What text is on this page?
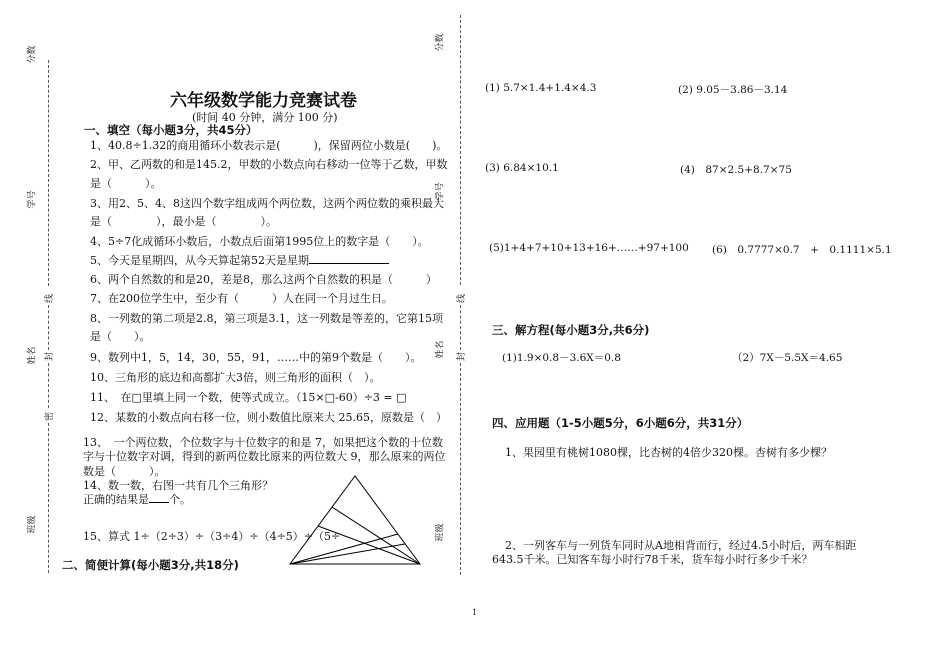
分数
学号
姓名
班级
线
封
密
分数
学号
姓名
班级
线
封
六年级数学能力竞赛试卷
(时间 40 分钟，满分 100 分)
一、填空（每小题3分，共45分）
1、40.8÷1.32的商用循环小数表示是(　　　)，保留两位小数是(　　)。
2、甲、乙两数的和是145.2，甲数的小数点向右移动一位等于乙数，甲数
是（　　　）。
3、用2、5、4、8这四个数字组成两个两位数，这两个两位数的乘积最大
是（　　　　），最小是（　　　　）。
4、5÷7化成循环小数后，小数点后面第1995位上的数字是（　　）。
5、今天是星期四，从今天算起第52天是星期
6、两个自然数的和是20，差是8，那么这两个自然数的积是（　　　）
7、在200位学生中，至少有（　　　）人在同一个月过生日。
8、一列数的第二项是2.8，第三项是3.1，这一列数是等差的，它第15项
是（　　）。
9、数列中1，5，14，30，55，91，……中的第9个数是（　　）。
10、三角形的底边和高都扩大3倍，则三角形的面积（　）。
11、　在□里填上同一个数，使等式成立。（15×□-60）÷3 = □
12、某数的小数点向右移一位，则小数值比原来大 25.65，原数是（　）
13、　一个两位数，个位数字与十位数字的和是 7，如果把这个数的十位数
字与十位数字对调，得到的新两位数比原来的两位数大 9，那么原来的两位
数是（　　　）。
14、数一数，右图一共有几个三角形？
正确的结果是 个。
15、算式 1÷（2÷3）÷（3÷4）÷（4÷5）÷（5÷
二、简便计算(每小题3分,共18分)
(1) 5.7×1.4+1.4×4.3	(2) 9.05－3.86－3.14
(3) 6.84×10.1	(4)　87×2.5+8.7×75
(5)1+4+7+10+13+16+……+97+100 (6)　0.7777×0.7　+　0.1111×5.1
三、解方程(每小题3分,共6分)
(1)1.9×0.8－3.6X＝0.8	（2）7X－5.5X＝4.65
四、应用题（1-5小题5分，6小题6分，共31分）
1、果园里有桃树1080棵，比杏树的4倍少320棵。杏树有多少棵？
2、一列客车与一列货车同时从A地相背而行，经过4.5小时后，两车相距
643.5千米。已知客车每小时行78千米，货车每小时行多少千米？
1
